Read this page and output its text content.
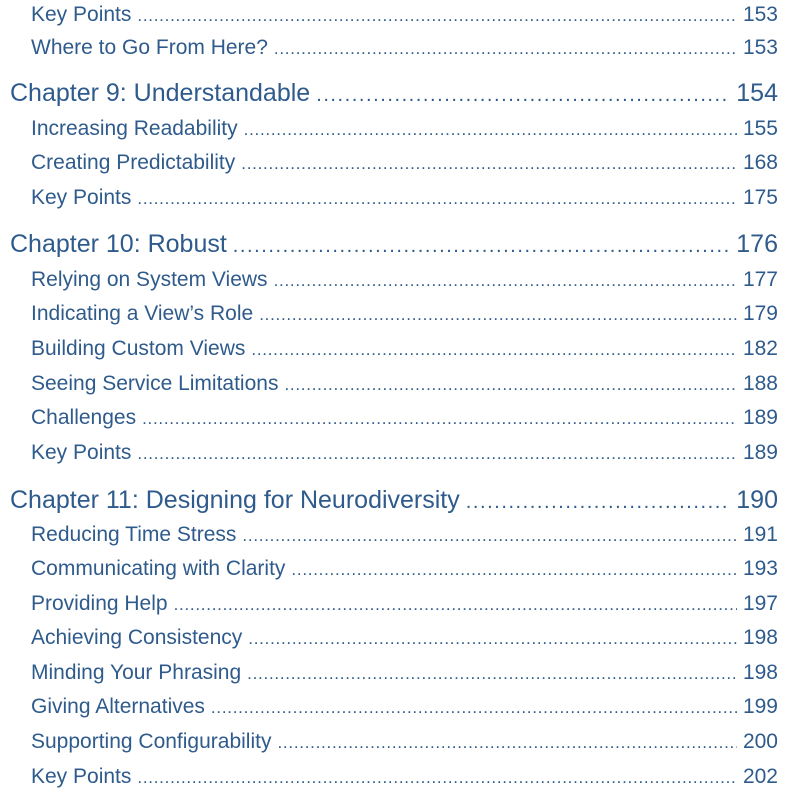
Key Points . . .	153
Where to Go From Here? . . .	153
Chapter 9: Understandable . . .	154
Increasing Readability . . .	155
Creating Predictability . . .	168
Key Points . . .	175
Chapter 10: Robust . . .	176
Relying on System Views . . .	177
Indicating a View’s Role . . .	179
Building Custom Views . . .	182
Seeing Service Limitations . . .	188
Challenges . . .	189
Key Points . . .	189
Chapter 11: Designing for Neurodiversity . . .	190
Reducing Time Stress . . .	191
Communicating with Clarity . . .	193
Providing Help . . .	197
Achieving Consistency . . .	198
Minding Your Phrasing . . .	198
Giving Alternatives . . .	199
Supporting Configurability . . .	200
Key Points . . .	202
